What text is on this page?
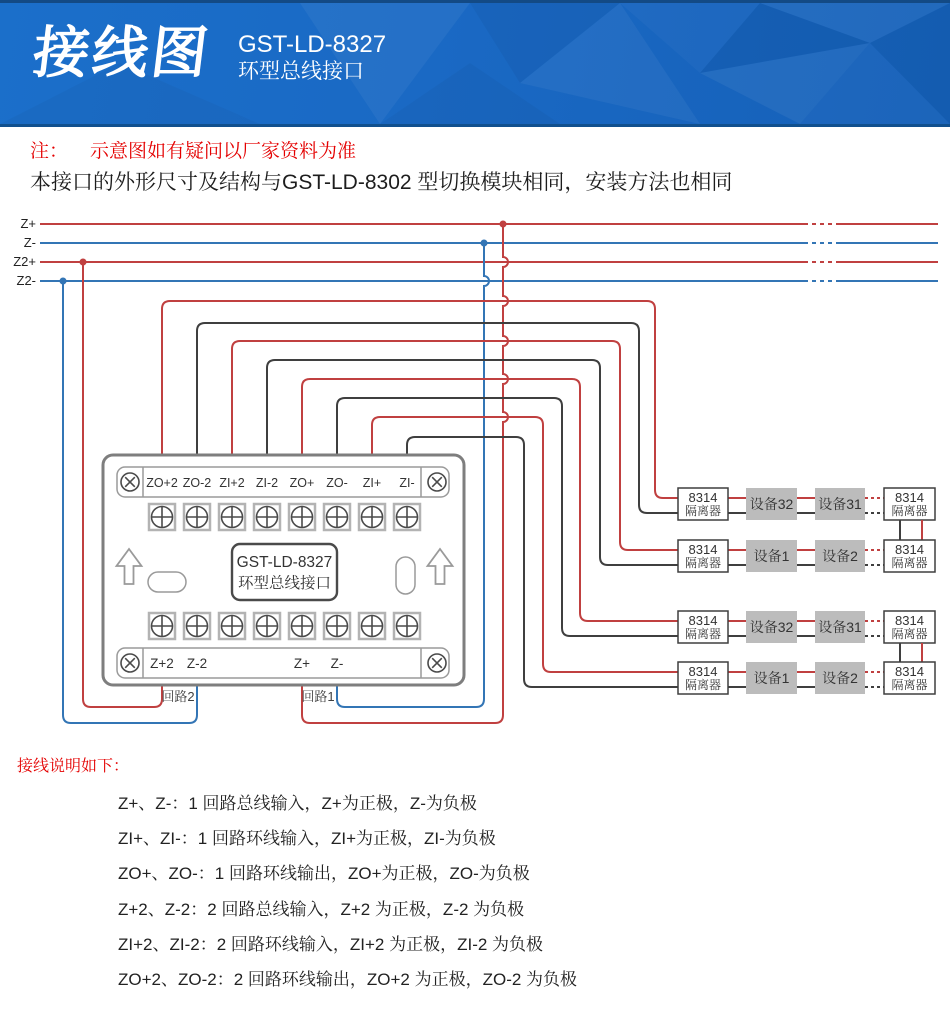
接线图 GST-LD-8327
环型总线接口
注： 示意图如有疑问以厂家资料为准
本接口的外形尺寸及结构与GST-LD-8302 型切换模块相同，安装方法也相同
Z+
Z-
Z2+
Z2-
ZO+2 ZO-2 ZI+2 ZI-2 ZO+ ZO- ZI+ ZI-
Z+2 Z-2	Z+ Z-
GST-LD-8327
环型总线接口
回路2	回路1
8314
隔离器 设备32 设备31	8314
隔离器
8314
隔离器 设备1 设备2	8314
隔离器
8314
隔离器 设备32 设备31	8314
隔离器
8314
隔离器 设备1 设备2	8314
隔离器
接线说明如下：
Z+、Z-：1 回路总线输入，Z+为正极，Z-为负极
ZI+、ZI-：1 回路环线输入，ZI+为正极，ZI-为负极
ZO+、ZO-：1 回路环线输出，ZO+为正极，ZO-为负极
Z+2、Z-2：2 回路总线输入，Z+2 为正极，Z-2 为负极
ZI+2、ZI-2：2 回路环线输入，ZI+2 为正极，ZI-2 为负极
ZO+2、ZO-2：2 回路环线输出，ZO+2 为正极，ZO-2 为负极
